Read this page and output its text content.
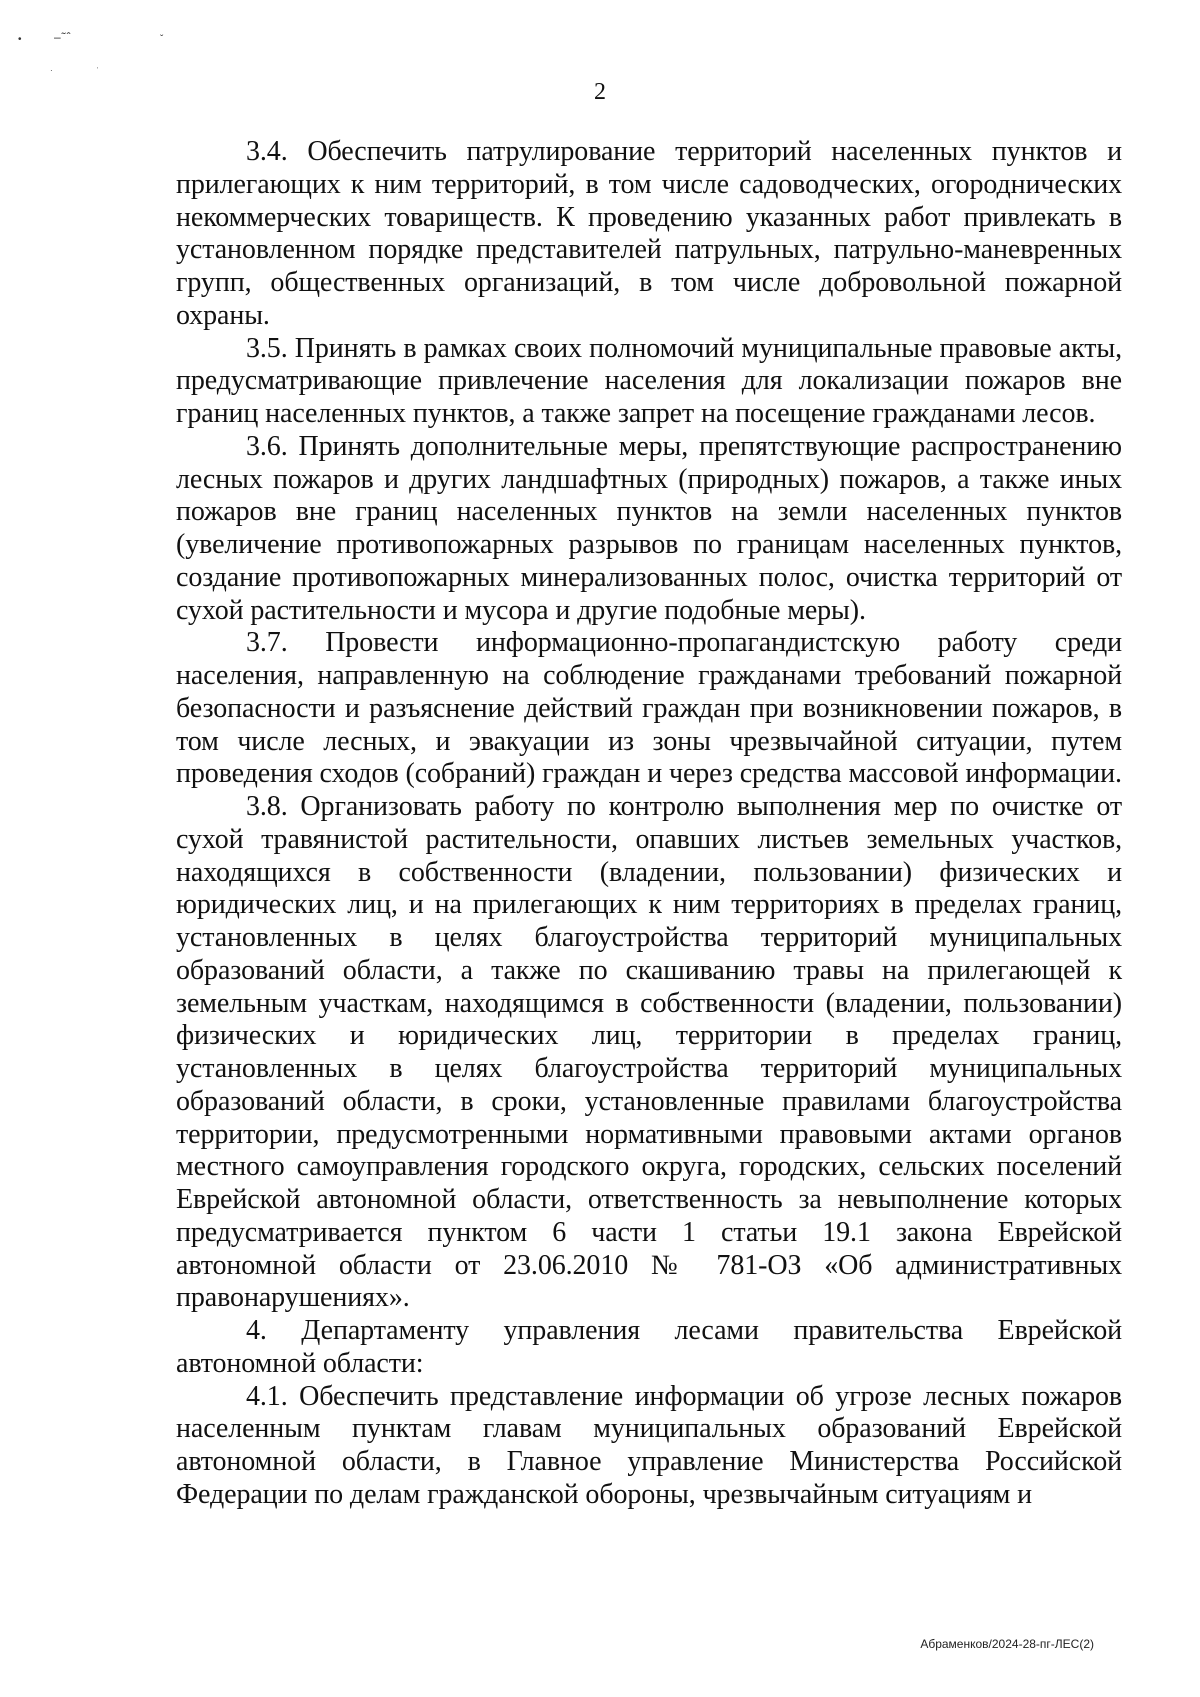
•	–˜ˆ	ˇ
·	ˈ
2

3.4. Обеспечить патрулирование территорий населенных пунктов и прилегающих к ним территорий, в том числе садоводческих, огороднических некоммерческих товариществ. К проведению указанных работ привлекать в установленном порядке представителей патрульных, патрульно-маневренных групп, общественных организаций, в том числе добровольной пожарной охраны.

3.5. Принять в рамках своих полномочий муниципальные правовые акты, предусматривающие привлечение населения для локализации пожаров вне границ населенных пунктов, а также запрет на посещение гражданами лесов.

3.6. Принять дополнительные меры, препятствующие распространению лесных пожаров и других ландшафтных (природных) пожаров, а также иных пожаров вне границ населенных пунктов на земли населенных пунктов (увеличение противопожарных разрывов по границам населенных пунктов, создание противопожарных минерализованных полос, очистка территорий от сухой растительности и мусора и другие подобные меры).

3.7. Провести информационно-пропагандистскую работу среди населения, направленную на соблюдение гражданами требований пожарной безопасности и разъяснение действий граждан при возникновении пожаров, в том числе лесных, и эвакуации из зоны чрезвычайной ситуации, путем проведения сходов (собраний) граждан и через средства массовой информации.

3.8. Организовать работу по контролю выполнения мер по очистке от сухой травянистой растительности, опавших листьев земельных участков, находящихся в собственности (владении, пользовании) физических и юридических лиц, и на прилегающих к ним территориях в пределах границ, установленных в целях благоустройства территорий муниципальных образований области, а также по скашиванию травы на прилегающей к земельным участкам, находящимся в собственности (владении, пользовании) физических и юридических лиц, территории в пределах границ, установленных в целях благоустройства территорий муниципальных образований области, в сроки, установленные правилами благоустройства территории, предусмотренными нормативными правовыми актами органов местного самоуправления городского округа, городских, сельских поселений Еврейской автономной области, ответственность за невыполнение которых предусматривается пунктом 6 части 1 статьи 19.1 закона Еврейской автономной области от 23.06.2010 № 781-ОЗ «Об административных правонарушениях».

4. Департаменту управления лесами правительства Еврейской автономной области:

4.1. Обеспечить представление информации об угрозе лесных пожаров населенным пунктам главам муниципальных образований Еврейской автономной области, в Главное управление Министерства Российской Федерации по делам гражданской обороны, чрезвычайным ситуациям и

Абраменков/2024-28-пг-ЛЕС(2)
